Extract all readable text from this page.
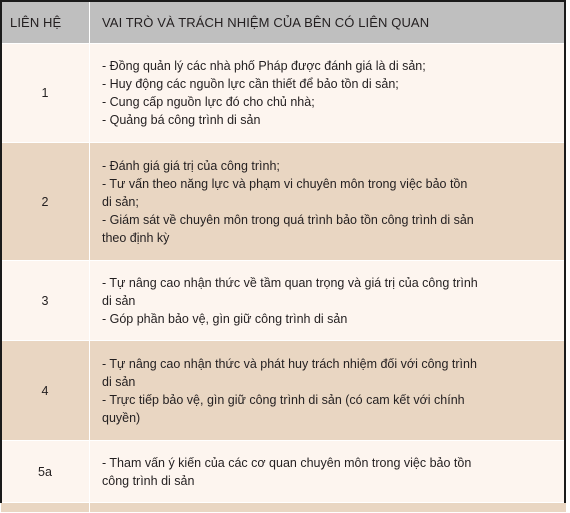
LIÊN HỆ	VAI TRÒ VÀ TRÁCH NHIỆM CỦA BÊN CÓ LIÊN QUAN
1	- Đồng quản lý các nhà phố Pháp được đánh giá là di sản;
- Huy động các nguồn lực cần thiết để bảo tồn di sản;
- Cung cấp nguồn lực đó cho chủ nhà;
- Quảng bá công trình di sản

2	- Đánh giá giá trị của công trình;
- Tư vấn theo năng lực và phạm vi chuyên môn trong việc bảo tồn
di sản;
- Giám sát về chuyên môn trong quá trình bảo tồn công trình di sản
theo định kỳ

3	- Tự nâng cao nhận thức về tầm quan trọng và giá trị của công trình
di sản
- Góp phần bảo vệ, gìn giữ công trình di sản

4	- Tự nâng cao nhận thức và phát huy trách nhiệm đối với công trình
di sản
- Trực tiếp bảo vệ, gìn giữ công trình di sản (có cam kết với chính
quyền)

5a	- Tham vấn ý kiến của các cơ quan chuyên môn trong việc bảo tồn
công trình di sản
